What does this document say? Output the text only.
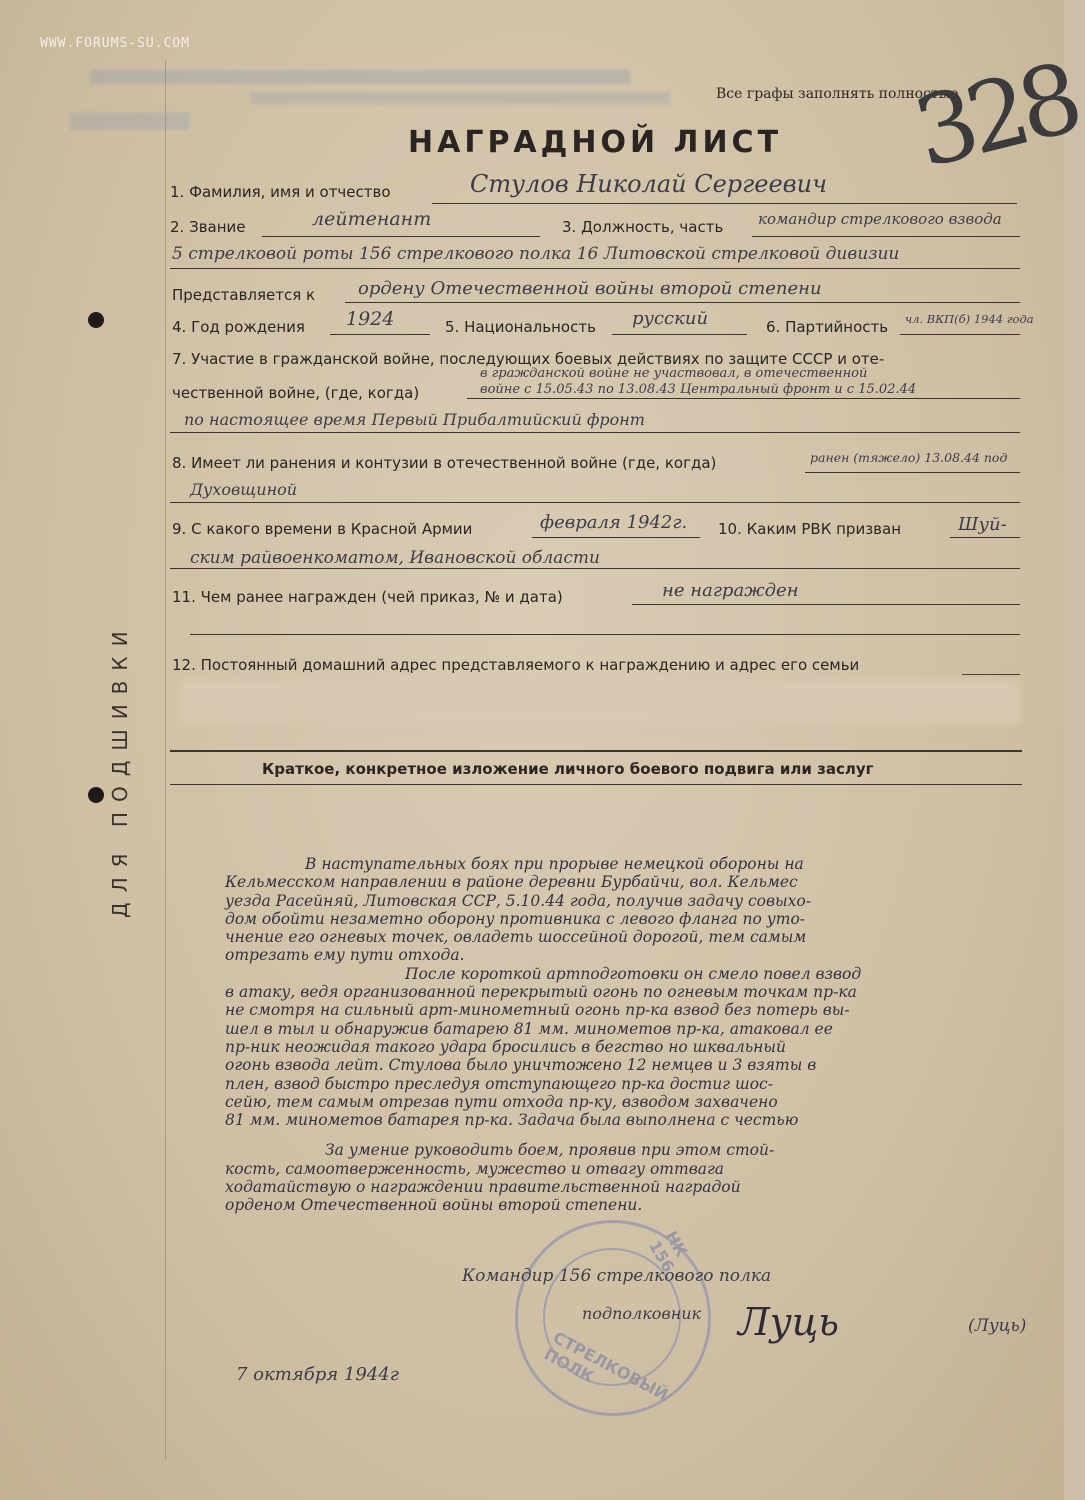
WWW.FORUMS-SU.COM
ДЛЯ ПОДШИВКИ
Все графы заполнять полностью
328
НАГРАДНОЙ ЛИСТ
1. Фамилия, имя и отчество	Стулов Николай Сергеевич
2. Звание	лейтенант	3. Должность, часть командир стрелкового взвода
5 стрелковой роты 156 стрелкового полка 16 Литовской стрелковой дивизии
Представляется к ордену Отечественной войны второй степени
4. Год рождения 1924	5. Национальность русский	6. Партийность чл. ВКП(б) 1944 года
7. Участие в гражданской войне, последующих боевых действиях по защите СССР и оте-
чественной войне, (где, когда)
в гражданской войне не участвовал, в отечественной
войне с 15.05.43 по 13.08.43 Центральный фронт и с 15.02.44
по настоящее время Первый Прибалтийский фронт
8. Имеет ли ранения и контузии в отечественной войне (где, когда)	ранен (тяжело) 13.08.44 под
Духовщиной
9. С какого времени в Красной Армии	февраля 1942г. 10. Каким РВК призван	Шуй-
ским райвоенкоматом, Ивановской области
11. Чем ранее награжден (чей приказ, № и дата)	не награжден
12. Постоянный домашний адрес представляемого к награждению и адрес его семьи
Краткое, конкретное изложение личного боевого подвига или заслуг

В наступательных боях при прорыве немецкой обороны на

Кельмесском направлении в районе деревни Бурбайчи, вол. Кельмес

уезда Расейняй, Литовская ССР, 5.10.44 года, получив задачу совыхо-

дом обойти незаметно оборону противника с левого фланга по уто-

чнение его огневых точек, овладеть шоссейной дорогой, тем самым

отрезать ему пути отхода.

После короткой артподготовки он смело повел взвод

в атаку, ведя организованной перекрытый огонь по огневым точкам пр-ка

не смотря на сильный арт-минометный огонь пр-ка взвод без потерь вы-

шел в тыл и обнаружив батарею 81 мм. минометов пр-ка, атаковал ее

пр-ник неожидая такого удара бросились в бегство но шквальный

огонь взвода лейт. Стулова было уничтожено 12 немцев и 3 взяты в

плен, взвод быстро преследуя отступающего пр-ка достиг шос-

сейю, тем самым отрезав пути отхода пр-ку, взводом захвачено

81 мм. минометов батарея пр-ка. Задача была выполнена с честью

За умение руководить боем, проявив при этом стой-

кость, самоотверженность, мужество и отвагу оттвага

ходатайствую о награждении правительственной наградой

орденом Отечественной войны второй степени.

НК 156
СТРЕЛКОВЫЙ ПОЛК
Командир 156 стрелкового полка
подполковник Луць	(Луць)
7 октября 1944г
